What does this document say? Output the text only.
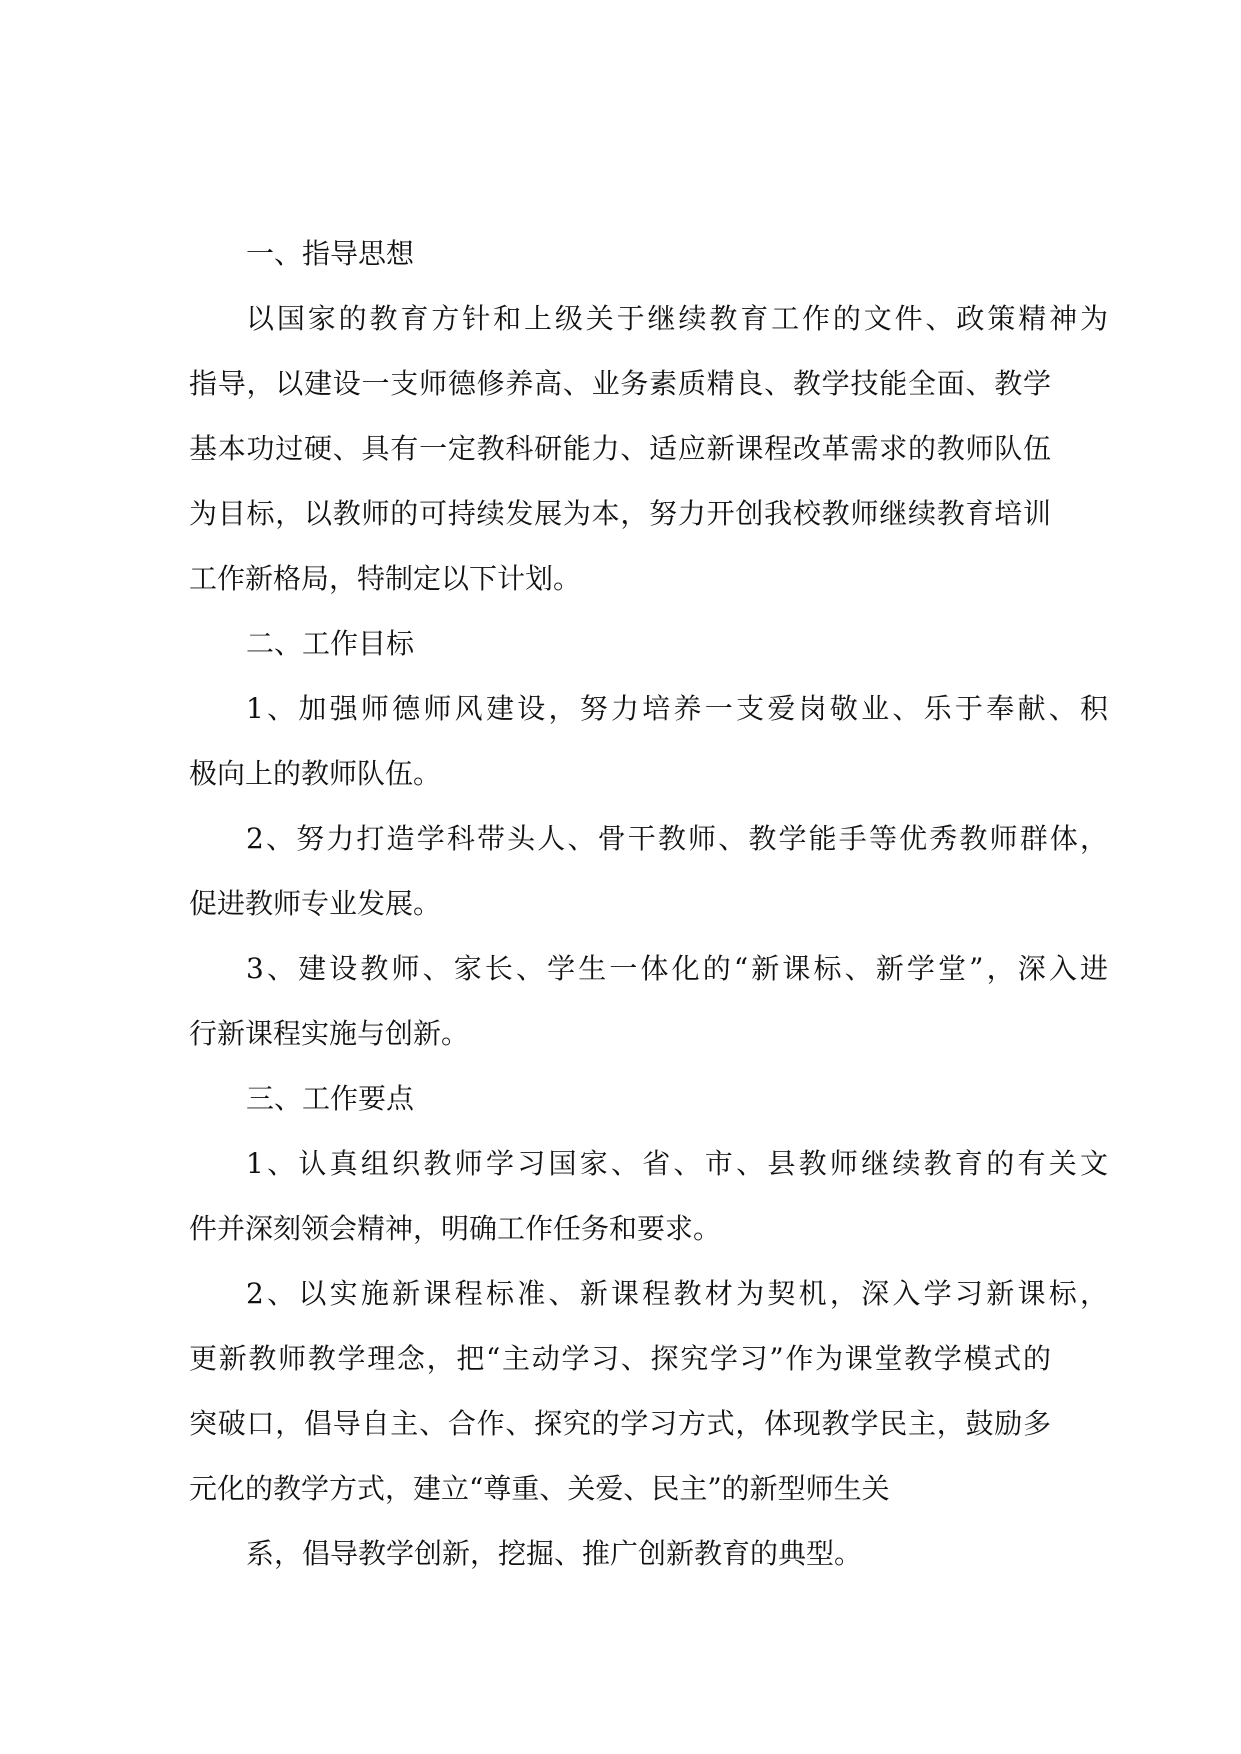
一、指导思想
以国家的教育方针和上级关于继续教育工作的文件、政策精神为
指导，以建设一支师德修养高、业务素质精良、教学技能全面、教学
基本功过硬、具有一定教科研能力、适应新课程改革需求的教师队伍
为目标，以教师的可持续发展为本，努力开创我校教师继续教育培训
工作新格局，特制定以下计划。
二、工作目标
1、加强师德师风建设，努力培养一支爱岗敬业、乐于奉献、积
极向上的教师队伍。
2、努力打造学科带头人、骨干教师、教学能手等优秀教师群体，
促进教师专业发展。
3、建设教师、家长、学生一体化的“新课标、新学堂”，深入进
行新课程实施与创新。
三、工作要点
1、认真组织教师学习国家、省、市、县教师继续教育的有关文
件并深刻领会精神，明确工作任务和要求。
2、以实施新课程标准、新课程教材为契机，深入学习新课标，
更新教师教学理念，把“主动学习、探究学习”作为课堂教学模式的
突破口，倡导自主、合作、探究的学习方式，体现教学民主，鼓励多
元化的教学方式，建立“尊重、关爱、民主”的新型师生关
系，倡导教学创新，挖掘、推广创新教育的典型。
